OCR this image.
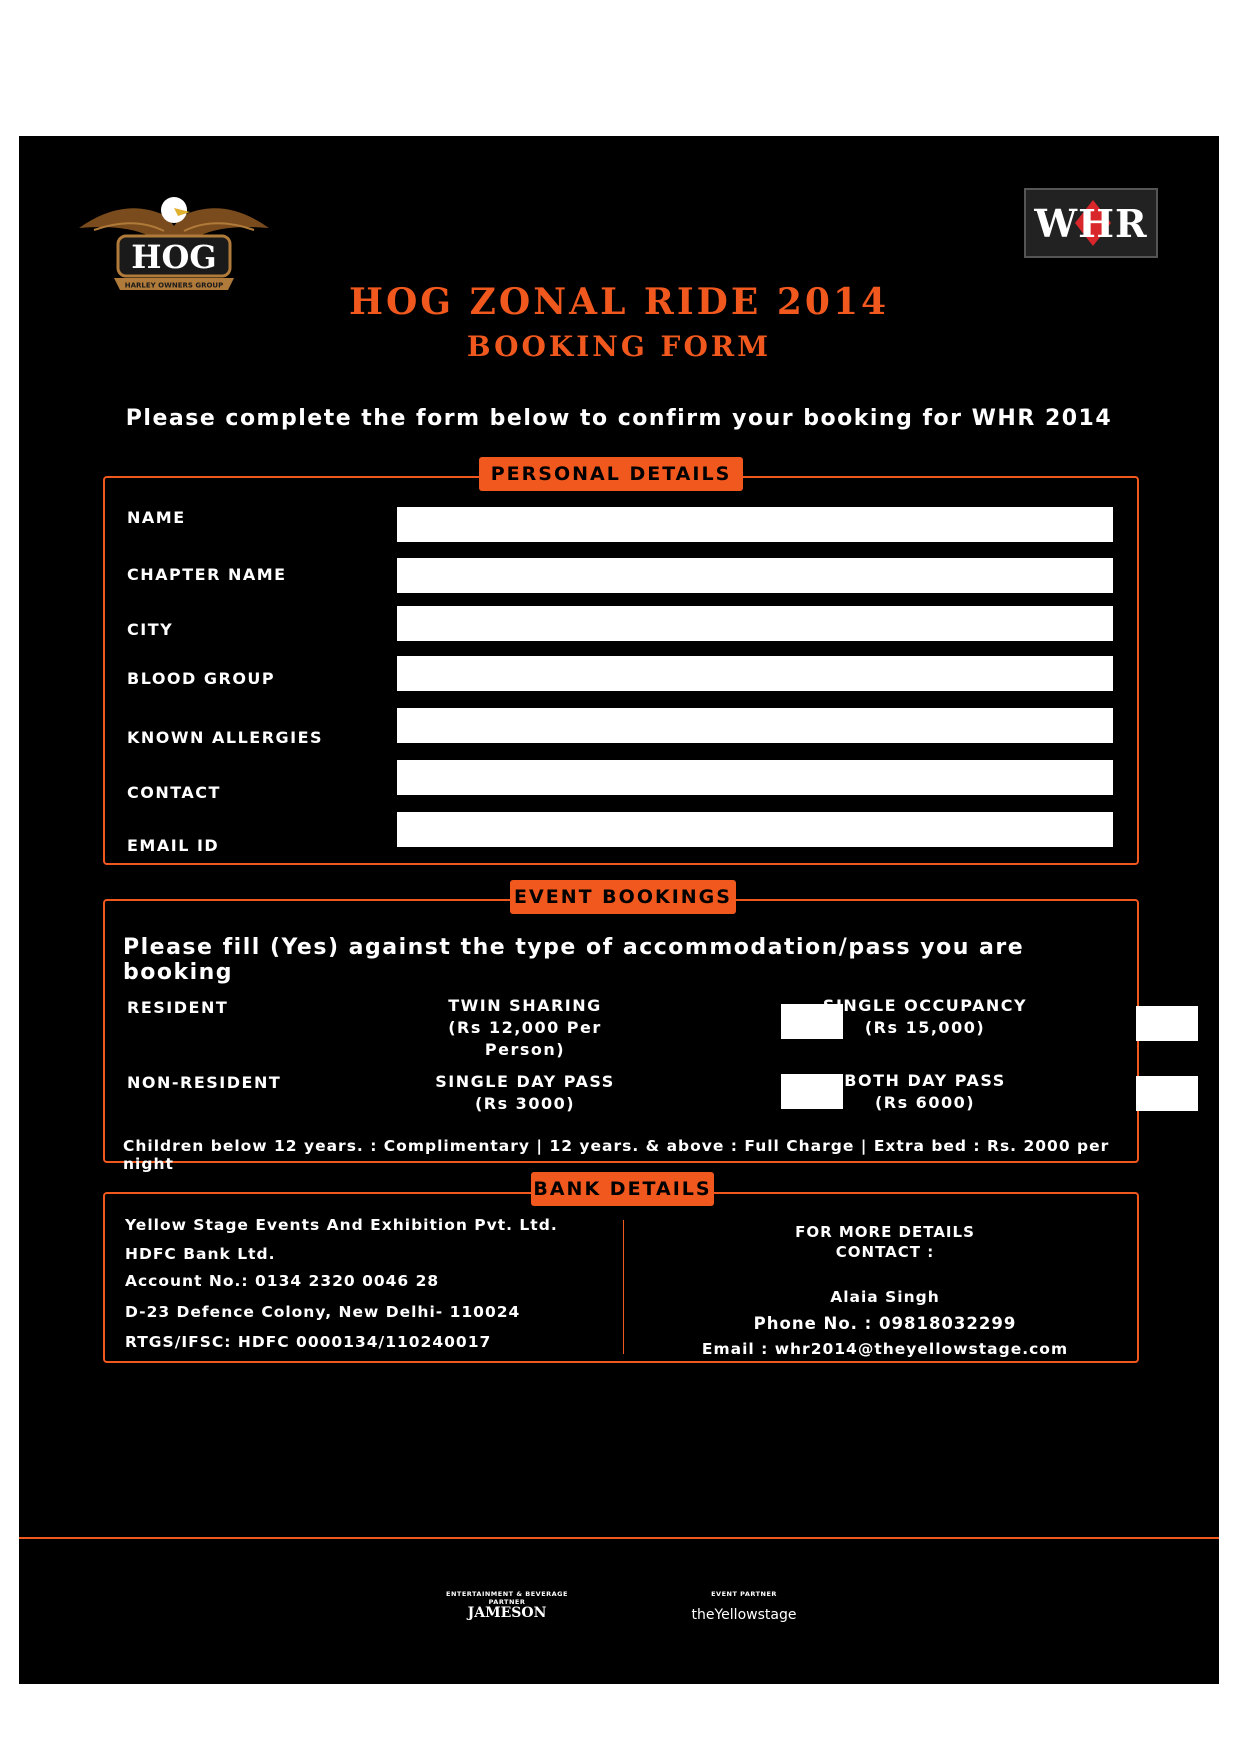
HOG
HARLEY OWNERS GROUP
WHR
HOG ZONAL RIDE 2014
BOOKING FORM
Please complete the form below to confirm your booking for WHR 2014
NAME
CHAPTER NAME
CITY
BLOOD GROUP
KNOWN ALLERGIES
CONTACT
EMAIL ID
PERSONAL DETAILS
Please fill (Yes) against the type of accommodation/pass you are booking
RESIDENT	TWIN SHARING
(Rs 12,000 Per Person)
SINGLE OCCUPANCY
(Rs 15,000)
NON-RESIDENT	SINGLE DAY PASS
(Rs 3000)
BOTH DAY PASS
(Rs 6000)
Children below 12 years. : Complimentary | 12 years. & above : Full Charge | Extra bed : Rs. 2000 per night
EVENT BOOKINGS
Yellow Stage Events And Exhibition Pvt. Ltd.
HDFC Bank Ltd.
Account No.: 0134 2320 0046 28
D-23 Defence Colony, New Delhi- 110024
RTGS/IFSC: HDFC 0000134/110240017
FOR MORE DETAILS
CONTACT :
Alaia Singh
Phone No. : 09818032299
Email : whr2014@theyellowstage.com
BANK DETAILS
ENTERTAINMENT & BEVERAGE
PARTNER
JAMESON
EVENT PARTNER
theYellowstage
